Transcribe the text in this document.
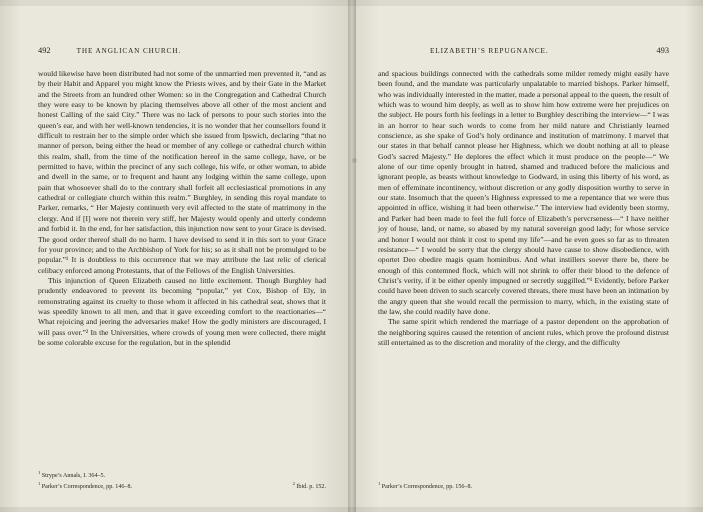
492	THE ANGLICAN CHURCH.

would likewise have been distributed had not some of the unmarried men prevented it, “and as by their Habit and Apparel you might know the Priests wives, and by their Gate in the Market and the Streets from an hundred other Women: so in the Congregation and Cathedral Church they were easy to be known by placing themselves above all other of the most ancient and honest Calling of the said City.” There was no lack of persons to pour such stories into the queen’s ear, and with her well-known tendencies, it is no wonder that her counsellors found it difficult to restrain her to the simple order which she issued from Ipswich, declaring “that no manner of person, being either the head or member of any college or cathedral church within this realm, shall, from the time of the notification hereof in the same college, have, or be permitted to have, within the precinct of any such college, his wife, or other woman, to abide and dwell in the same, or to frequent and haunt any lodging within the same college, upon pain that whosoever shall do to the contrary shall forfeit all ecclesiastical promotions in any cathedral or collegiate church within this realm.” Burghley, in sending this royal mandate to Parker, remarks, “ Her Majesty continueth very evil affected to the state of matrimony in the clergy. And if [I] were not therein very stiff, her Majesty would openly and utterly condemn and forbid it. In the end, for her satisfaction, this injunction now sent to your Grace is devised. The good order thereof shall do no harm. I have devised to send it in this sort to your Grace for your province; and to the Archbishop of York for his; so as it shall not be promulged to be popular.”¹ It is doubtless to this occurrence that we may attribute the last relic of clerical celibacy enforced among Protestants, that of the Fellows of the English Universities.

This injunction of Queen Elizabeth caused no little excitement. Though Burghley had prudently endeavored to prevent its becoming “popular,” yet Cox, Bishop of Ely, in remonstrating against its cruelty to those whom it affected in his cathedral seat, shows that it was speedily known to all men, and that it gave exceeding comfort to the reactionaries—“ What rejoicing and jeering the adversaries make! How the godly ministers are discouraged, I will pass over.”² In the Universities, where crowds of young men were collected, there might be some colorable excuse for the regulation, but in the splendid

$^1$Strype’s Annals, I. 364–5.
$^1$Parker’s Correspondence, pp. 146–8.
$^2$Ibid. p. 152.
ELIZABETH’S REPUGNANCE.	493

and spacious buildings connected with the cathedrals some milder remedy might easily have been found, and the mandate was particularly unpalatable to married bishops. Parker himself, who was individually interested in the matter, made a personal appeal to the queen, the result of which was to wound him deeply, as well as to show him how extreme were her prejudices on the subject. He pours forth his feelings in a letter to Burghley describing the interview—“ I was in an horror to hear such words to come from her mild nature and Christianly learned conscience, as she spake of God’s holy ordinance and institution of matrimony. I marvel that our states in that behalf cannot please her Highness, which we doubt nothing at all to please God’s sacred Majesty.” He deplores the effect which it must produce on the people—“ We alone of our time openly brought in hatred, shamed and traduced before the malicious and ignorant people, as beasts without knowledge to Godward, in using this liberty of his word, as men of effeminate incontinency, without discretion or any godly disposition worthy to serve in our state. Insomuch that the queen’s Highness expressed to me a repentance that we were thus appointed in office, wishing it had been otherwise.” The interview had evidently been stormy, and Parker had been made to feel the full force of Elizabeth’s pervcrseness—“ I have neither joy of house, land, or name, so abased by my natural sovereign good lady; for whose service and honor I would not think it cost to spend my life”—and he even goes so far as to threaten resistance—“ I would be sorry that the clergy should have cause to show disobedience, with oportet Deo obedire magis quam hominibus. And what instillers soever there be, there be enough of this contemned flock, which will not shrink to offer their blood to the defence of Christ’s verity, if it be either openly impugned or secretly suggilled.”¹ Evidently, before Parker could have been driven to such scarcely covered threats, there must have been an intimation by the angry queen that she would recall the permission to marry, which, in the existing state of the law, she could readily have done.

The same spirit which rendered the marriage of a pastor dependent on the approbation of the neighboring squires caused the retention of ancient rules, which prove the profound distrust still entertained as to the discretion and morality of the clergy, and the difficulty

$^1$Parker’s Correspondence, pp. 156–8.
